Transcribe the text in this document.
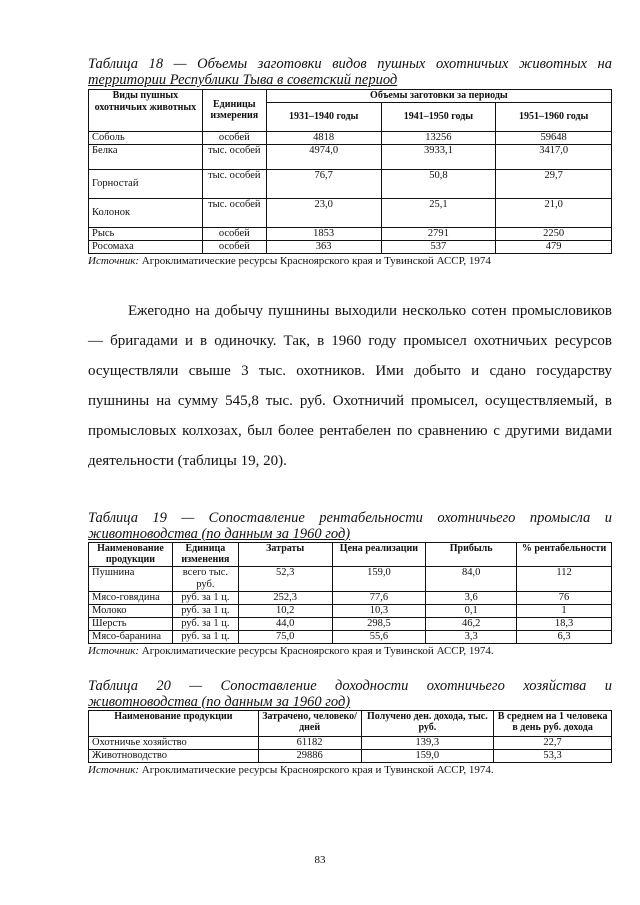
Таблица 18 — Объемы заготовки видов пушных охотничьих животных на
территории Республики Тыва в советский период
Виды пушных охотничьих животных	Единицы измерения	Объемы заготовки за периоды		
		1931–1940 годы	1941–1950 годы	1951–1960 годы
Соболь	особей	4818	13256	59648
Белка	тыс. особей	4974,0	3933,1	3417,0
Горностай	тыс. особей	76,7	50,8	29,7
Колонок	тыс. особей	23,0	25,1	21,0
Рысь	особей	1853	2791	2250
Росомаха	особей	363	537	479
Источник: Агроклиматические ресурсы Красноярского края и Тувинской АССР, 1974
Ежегодно на добычу пушнины выходили несколько сотен промысловиков — бригадами и в одиночку. Так, в 1960 году промысел охотничьих ресурсов осуществляли свыше 3 тыс. охотников. Ими добыто и сдано государству пушнины на сумму 545,8 тыс. руб. Охотничий промысел, осуществляемый, в промысловых колхозах, был более рентабелен по сравнению с другими видами деятельности (таблицы 19, 20).
Таблица 19 — Сопоставление рентабельности охотничьего промысла и
животноводства (по данным за 1960 год)
Наименование продукции	Единица изменения	Затраты	Цена реализации	Прибыль	% рентабельности
Пушнина	всего тыс. руб.	52,3	159,0	84,0	112
Мясо-говядина	руб. за 1 ц.	252,3	77,6	3,6	76
Молоко	руб. за 1 ц.	10,2	10,3	0,1	1
Шерсть	руб. за 1 ц.	44,0	298,5	46,2	18,3
Мясо-баранина	руб. за 1 ц.	75,0	55,6	3,3	6,3
Источник: Агроклиматические ресурсы Красноярского края и Тувинской АССР, 1974.
Таблица 20 — Сопоставление доходности охотничьего хозяйства и
животноводства (по данным за 1960 год)
Наименование продукции	Затрачено, человеко/дней	Получено ден. дохода, тыс. руб.	В среднем на 1 человека в день руб. дохода
Охотничье хозяйство	61182	139,3	22,7
Животноводство	29886	159,0	53,3
Источник: Агроклиматические ресурсы Красноярского края и Тувинской АССР, 1974.
83
